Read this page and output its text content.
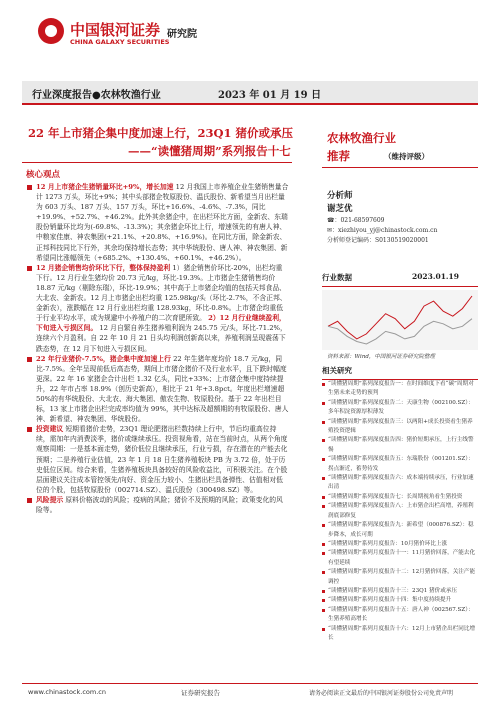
中国银河证券
CHINA GALAXY SECURITIES
研究院
行业深度报告●农林牧渔行业	2023 年 01 月 19 日
22 年上市猪企集中度加速上行，23Q1 猪价或承压
——“读懂猪周期”系列报告十七
核心观点
12 月上市猪企生猪销量环比+9%，增长加速 12 月我国上市养殖企业生猪销售量合计 1273 万头，环比+9%；其中头部猪企牧原股份、温氏股份、新希望当月出栏量为 603 万头、187 万头、157 万头，环比+16.6%、-4.6%、-7.3%，同比+19.9%、+52.7%、+46.2%。此外其余猪企中，在出栏环比方面，金新农、东瑞股份销量环比均为(-69.8%、-13.3%)；其余猪企环比上行，增速领先的有唐人神、中粮家佳康、神农集团(+21.1%、+20.8%、+16.9%)。在同比方面，除金新农、正邦科技同比下行外，其余均保持增长态势；其中华统股份、唐人神、神农集团、新希望同比涨幅领先（+685.2%、+130.4%、+60.1%、+46.2%）。
12 月猪企销售均价环比下行，整体保持盈利 1）猪企销售价环比-20%，出栏均重下行。12 月行业生猪均价 20.73 元/kg，环比-19.3%。上市猪企生猪销售均价 18.87 元/kg（剔除东瑞），环比-19.9%；其中高于上市猪企均值的包括天邦食品、大北农、金新农。12 月上市猪企出栏均重 125.98kg/头（环比-2.7%，不含正邦、金新农），涨跌幅在 12 月行业出栏均重 128.93kg，环比-0.8%。上市猪企均重低于行业平均水平，或为规避中小养殖户的二次育肥所致。 2）12 月行业继续盈利，下旬进入亏损区间。 12 月自繁自养生猪养殖利润为 245.75 元/头，环比-71.2%，连续六个月盈利。自 22 年 10 月 21 日头均利润创新高以来，养殖利润呈现震荡下跌态势，在 12 月下旬进入亏损区间。
22 年行业猪价-7.5%，猪企集中度加速上行 22 年生猪年度均价 18.7 元/kg，同比-7.5%。全年呈现前低后高态势，期间上市猪企猪价不及行业水平，且下跌时幅度更深。22 年 16 家猪企合计出栏 1.32 亿头，同比+33%；上市猪企集中度持续提升，22 年市占率 18.9%（创历史新高），相比于 21 年+3.8pct。年度出栏增速超 50%的有华统股份、大北农、海大集团、傲农生物、牧原股份。基于 22 年出栏目标，13 家上市猪企出栏完成率均值为 99%，其中达标及超额期的有牧原股份、唐人神、新希望、神农集团、华统股份。
投资建议 短期看猪价走势，23Q1 理论肥猪出栏数持续上行中，节后均重高位持续，需加年内消费淡季，猪价或继续承压。投资视角看，站在当前时点，从两个角度观察周期：一是基本面走势，猪价低位且继续承压，行业亏损，存在潜在的产能去化预期；二是养殖行业估值，23 年 1 月 18 日生猪养殖板块 PB 为 3.72 倍，处于历史低位区间。综合来看，生猪养殖板块具备较好的风险收益比，可积极关注。在个股层面建议关注成本管控领先/向好、资金压力较小、生猪出栏具备弹性、估值相对低位的个股，包括牧原股份（002714.SZ）、温氏股份（300498.SZ）等。
风险提示 原料价格波动的风险；疫病的风险；猪价不及预期的风险；政策变化的风险等。
农林牧渔行业
推荐	（维持评级）
分析师
谢芝优
☎：021-68597609
✉：xiezhiyou_yj@chinastock.com.cn
分析师登记编码：S0130519020001
行业数据	2023.01.19
资料来源：Wind，中国银河证券研究院整理
相关研究
“读懂猪周期”系列深度报告一：在时间维度下看“碳”周期对生猪未来走势的预判
“读懂猪周期”系列深度报告二：天康生物（002100.SZ）：多年积淀资源厚积薄发
“读懂猪周期”系列深度报告三：以两阳+成长投资看生猪养殖投资逻辑
“读懂猪周期”系列深度报告四：猪价短期承压，上行主线警惕
“读懂猪周期”系列深度报告五：东瑞股份（001201.SZ）：拐点渐近，蓄势待发
“读懂猪周期”系列深度报告六：成本端持续承压，行业加速出清
“读懂猪周期”系列深度报告七：长周期视角看生猪投资
“读懂猪周期”系列深度报告八：上市猪企出栏高增，养殖利润底部修复
“读懂猪周期”系列深度报告九：新希望（000876.SZ）：稳步降本，成长可期
“读懂猪周期”系列月度报告：10月猪价环比上涨
“读懂猪周期”系列月度报告十一：11月猪价回落，产能去化有望延续
“读懂猪周期”系列月度报告十二：12月猪价回落，关注产能调控
“读懂猪周期”系列月度报告十三：23Q1 猪价或承压
“读懂猪周期”系列月度报告十四：集中度持续提升
“读懂猪周期”系列月度报告十五：唐人神（002567.SZ）：生猪养殖高增长
“读懂猪周期”系列月度报告十六：12月上市猪企出栏同比增长
www.chinastock.com.cn	证券研究报告	请务必阅读正文最后的中国银河证券股份公司免责声明
